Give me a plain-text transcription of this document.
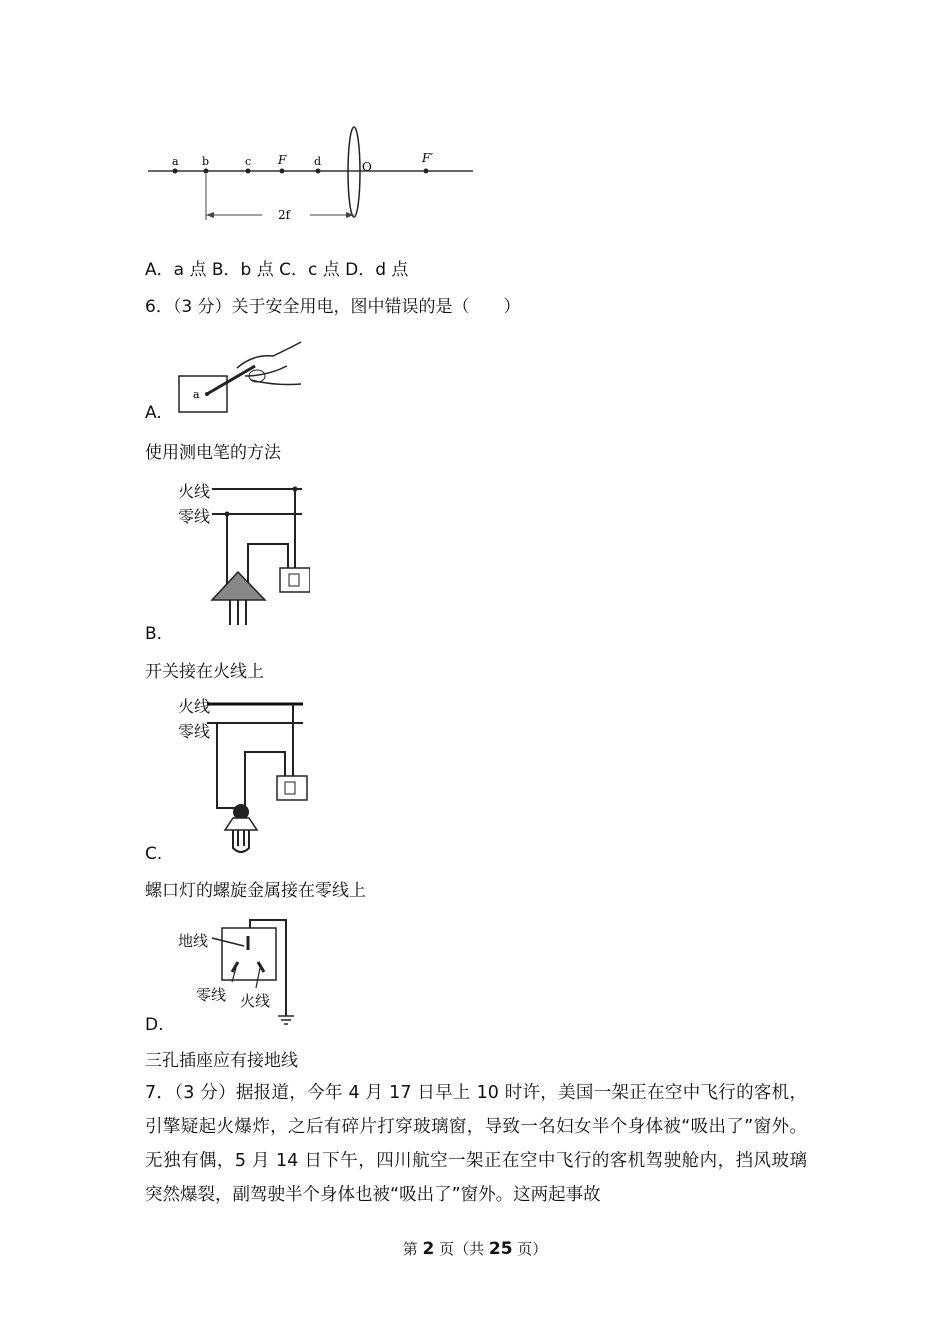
a b	c F	d	O
F′
2f
A．a 点 B．b 点 C．c 点 D．d 点
6．（3 分）关于安全用电，图中错误的是（　　）
a
A.
使用测电笔的方法
火线
零线
B.
开关接在火线上
火线
零线
C.
螺口灯的螺旋金属接在零线上
地线
零线 火线
D.
三孔插座应有接地线
7．（3 分）据报道，今年 4 月 17 日早上 10 时许，美国一架正在空中飞行的客机，引擎疑起火爆炸，之后有碎片打穿玻璃窗，导致一名妇女半个身体被“吸出了”窗外。无独有偶，5 月 14 日下午，四川航空一架正在空中飞行的客机驾驶舱内，挡风玻璃突然爆裂，副驾驶半个身体也被“吸出了”窗外。这两起事故
第 2 页（共 25 页）
